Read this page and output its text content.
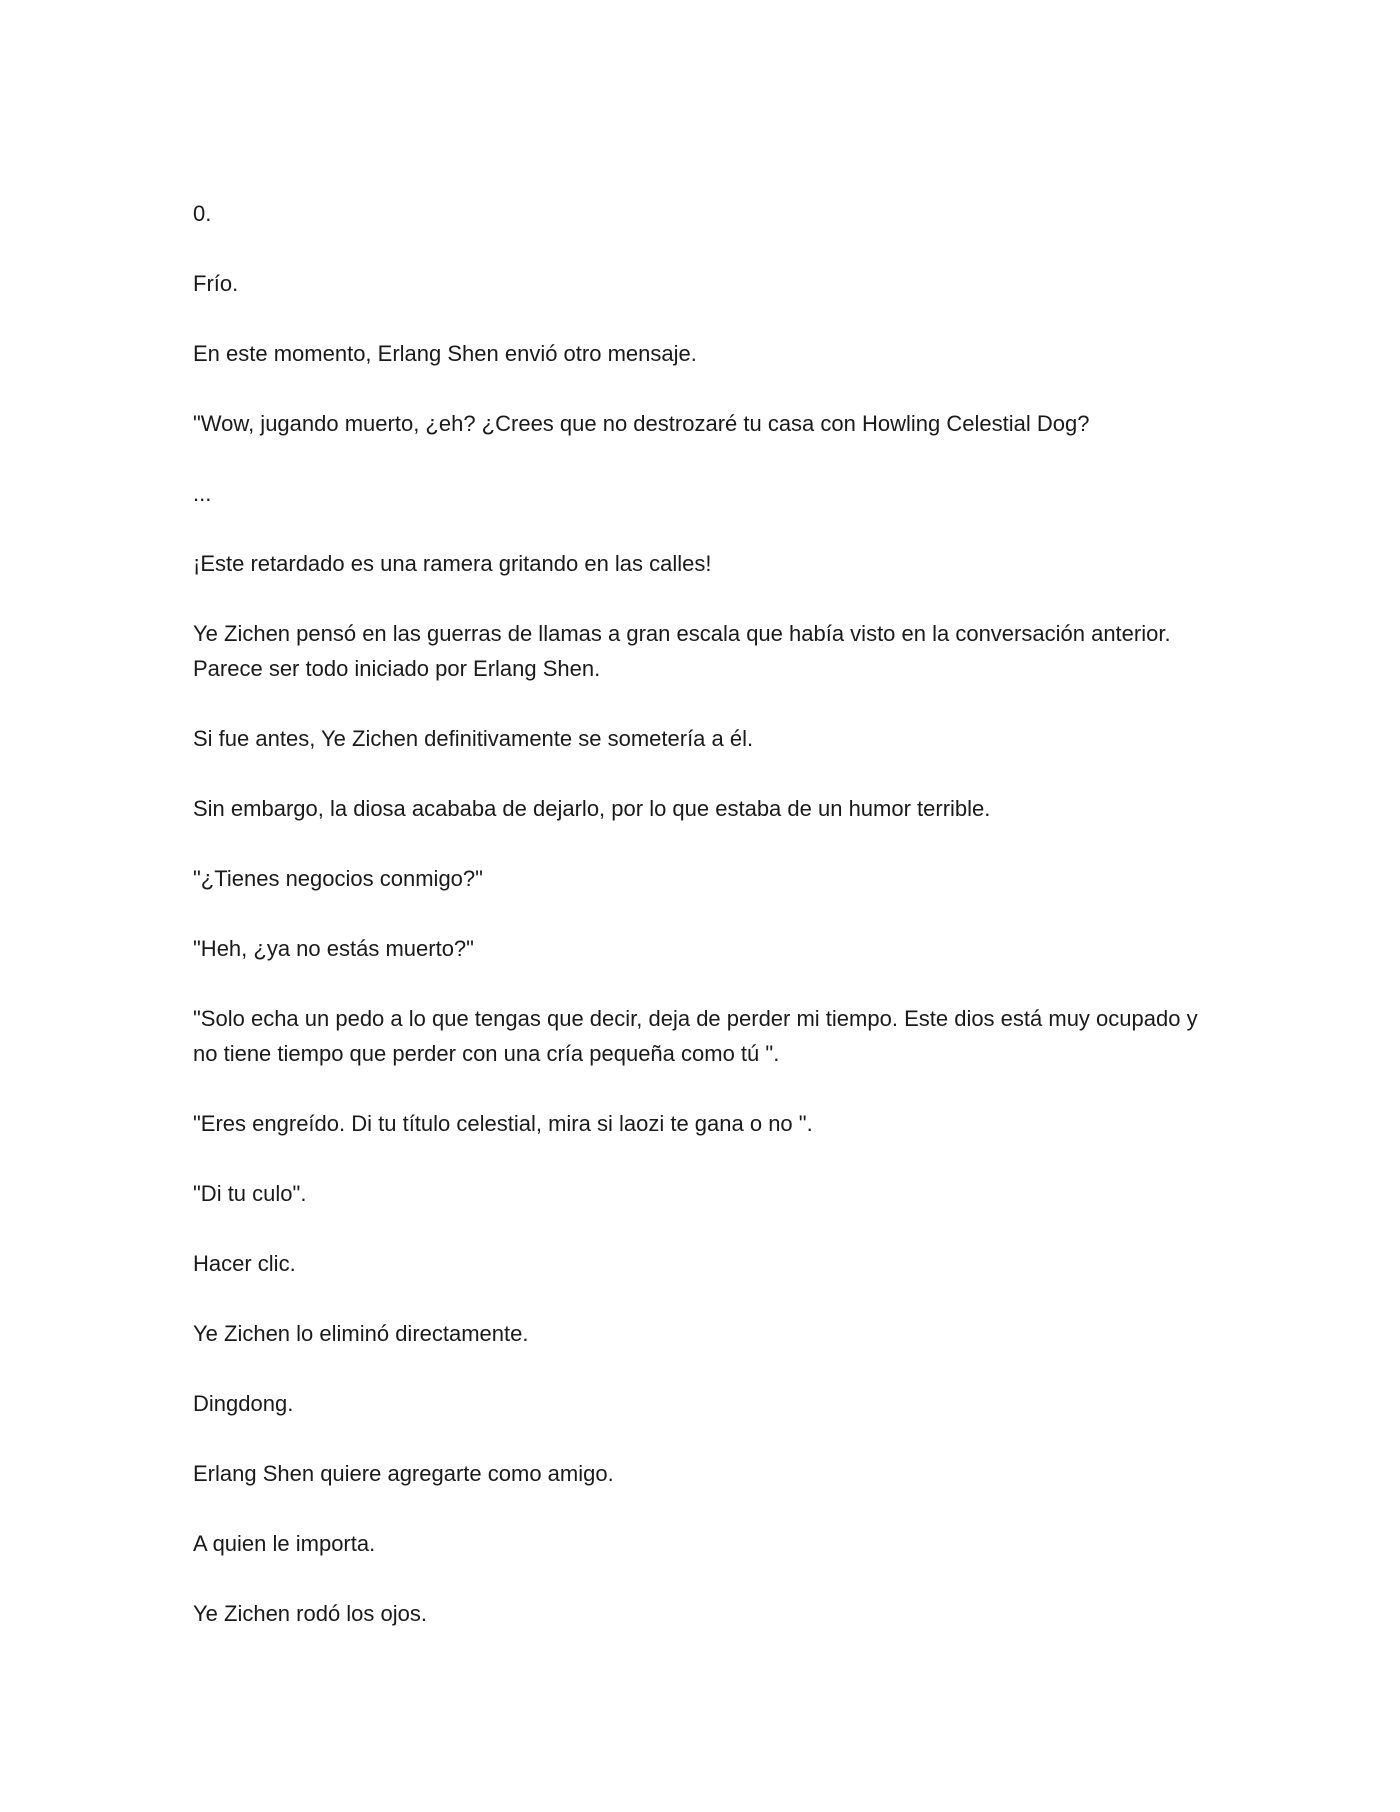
0.

Frío.

En este momento, Erlang Shen envió otro mensaje.

"Wow, jugando muerto, ¿eh? ¿Crees que no destrozaré tu casa con Howling Celestial Dog?

...

¡Este retardado es una ramera gritando en las calles!

Ye Zichen pensó en las guerras de llamas a gran escala que había visto en la conversación anterior. Parece ser todo iniciado por Erlang Shen.

Si fue antes, Ye Zichen definitivamente se sometería a él.

Sin embargo, la diosa acababa de dejarlo, por lo que estaba de un humor terrible.

"¿Tienes negocios conmigo?"

"Heh, ¿ya no estás muerto?"

"Solo echa un pedo a lo que tengas que decir, deja de perder mi tiempo. Este dios está muy ocupado y no tiene tiempo que perder con una cría pequeña como tú ".

"Eres engreído. Di tu título celestial, mira si laozi te gana o no ".

"Di tu culo".

Hacer clic.

Ye Zichen lo eliminó directamente.

Dingdong.

Erlang Shen quiere agregarte como amigo.

A quien le importa.

Ye Zichen rodó los ojos.
